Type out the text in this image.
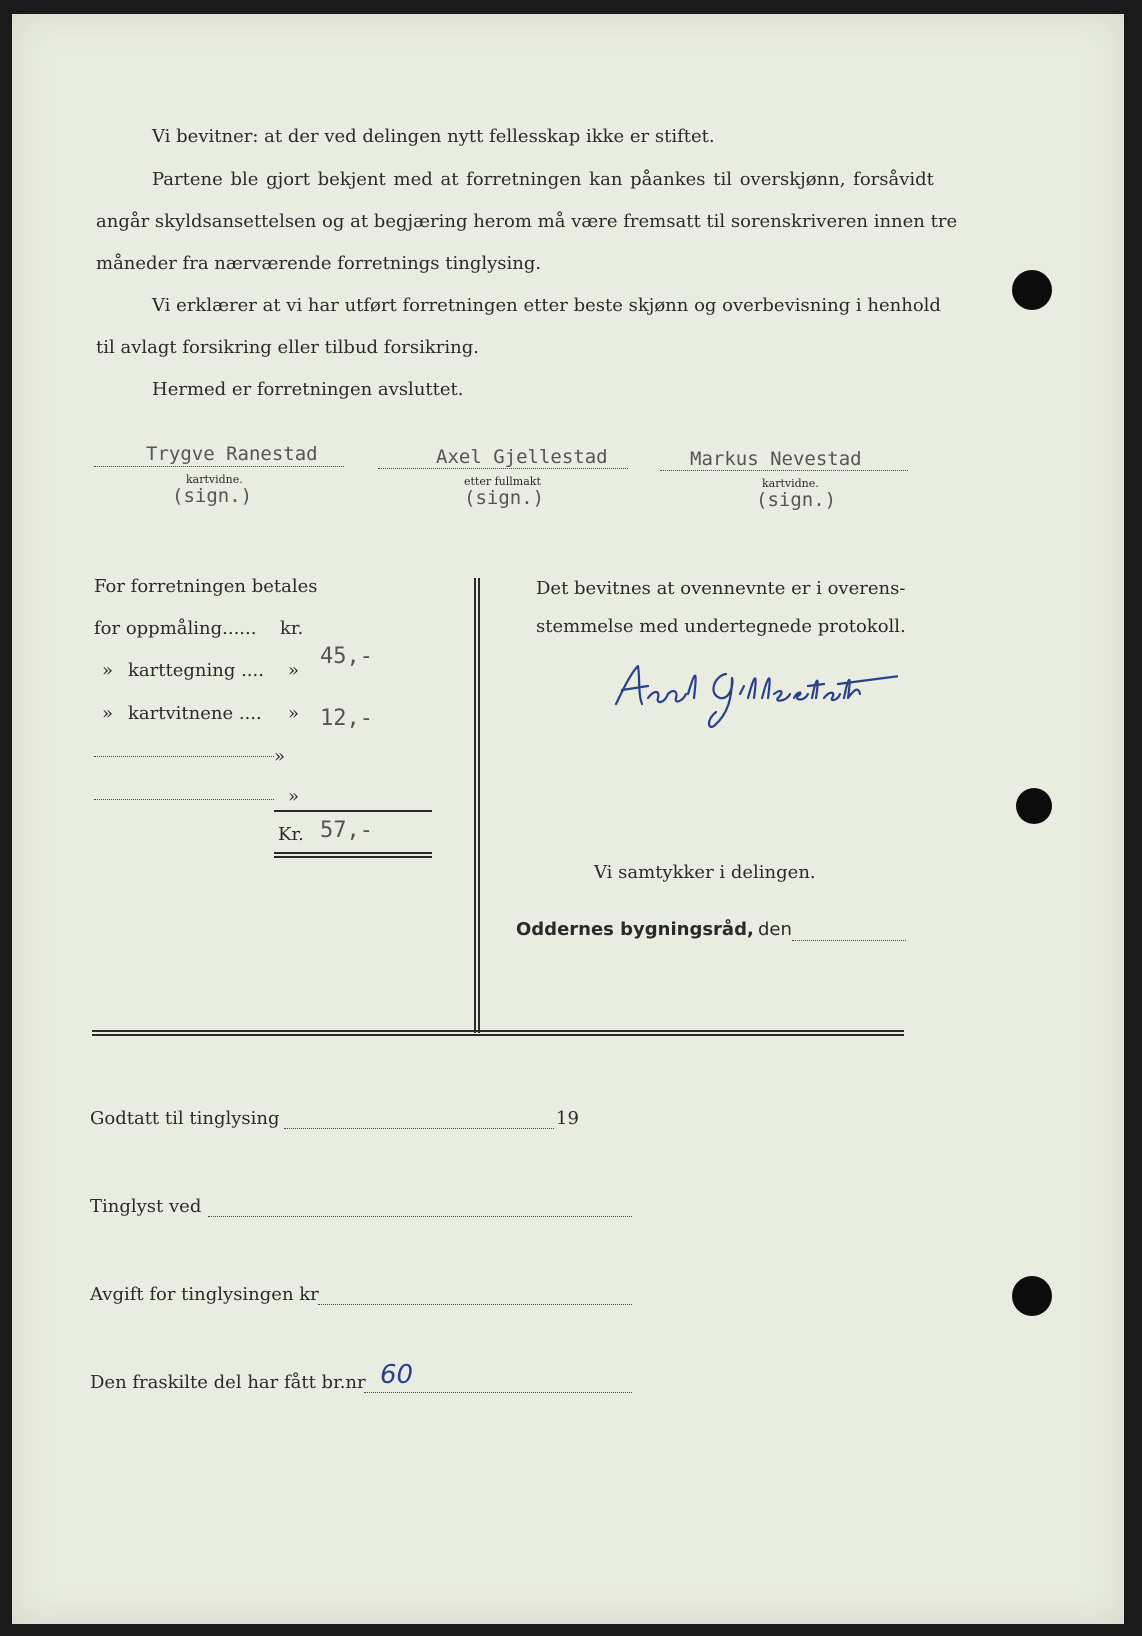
Vi bevitner: at der ved delingen nytt fellesskap ikke er stiftet.
Partene ble gjort bekjent med at forretningen kan påankes til overskjønn, forsåvidt
angår skyldsansettelsen og at begjæring herom må være fremsatt til sorenskriveren innen tre
måneder fra nærværende forretnings tinglysing.
Vi erklærer at vi har utført forretningen etter beste skjønn og overbevisning i henhold
til avlagt forsikring eller tilbud forsikring.
Hermed er forretningen avsluttet.
Trygve Ranestad
kartvidne.
(sign.)
Axel Gjellestad
etter fullmakt
(sign.)
Markus Nevestad
kartvidne.
(sign.)
For forretningen betales
for oppmåling...... kr.
45,-
» karttegning .... »
» kartvitnene .... » 12,-
»
»
Kr. 57,-
Det bevitnes at ovennevnte er i overens-
stemmelse med undertegnede protokoll.
Vi samtykker i delingen.
Oddernes bygningsråd, den
Godtatt til tinglysing	19
Tinglyst ved
Avgift for tinglysingen kr
Den fraskilte del har fått br.nr 60
